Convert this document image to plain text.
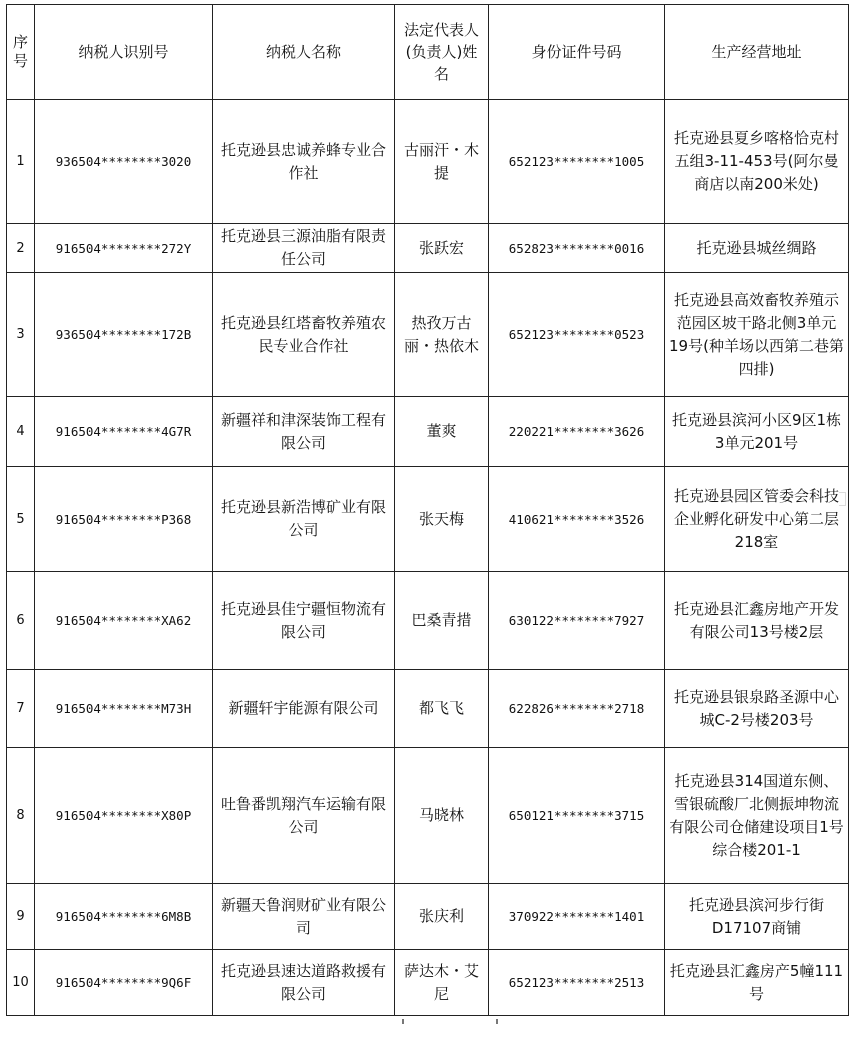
序号	纳税人识别号	纳税人名称	法定代表人(负责人)姓名	身份证件号码	生产经营地址
1	936504********3020	托克逊县忠诚养蜂专业合作社	古丽汗・木提	652123********1005	托克逊县夏乡喀格恰克村五组3-11-453号(阿尔曼商店以南200米处)
2	916504********272Y	托克逊县三源油脂有限责任公司	张跃宏	652823********0016	托克逊县城丝绸路
3	936504********172B	托克逊县红塔畜牧养殖农民专业合作社	热孜万古丽・热依木	652123********0523	托克逊县高效畜牧养殖示范园区坡干路北侧3单元19号(种羊场以西第二巷第四排)
4	916504********4G7R	新疆祥和津深装饰工程有限公司	董爽	220221********3626	托克逊县滨河小区9区1栋3单元201号
5	916504********P368	托克逊县新浩博矿业有限公司	张天梅	410621********3526	托克逊县园区管委会科技企业孵化研发中心第二层218室
6	916504********XA62	托克逊县佳宁疆恒物流有限公司	巴桑青措	630122********7927	托克逊县汇鑫房地产开发有限公司13号楼2层
7	916504********M73H	新疆轩宇能源有限公司	都飞飞	622826********2718	托克逊县银泉路圣源中心城C-2号楼203号
8	916504********X80P	吐鲁番凯翔汽车运输有限公司	马晓林	650121********3715	托克逊县314国道东侧、雪银硫酸厂北侧振坤物流有限公司仓储建设项目1号综合楼201-1
9	916504********6M8B	新疆天鲁润财矿业有限公司	张庆利	370922********1401	托克逊县滨河步行街D17107商铺
10	916504********9Q6F	托克逊县速达道路救援有限公司	萨达木・艾尼	652123********2513	托克逊县汇鑫房产5幢111号
